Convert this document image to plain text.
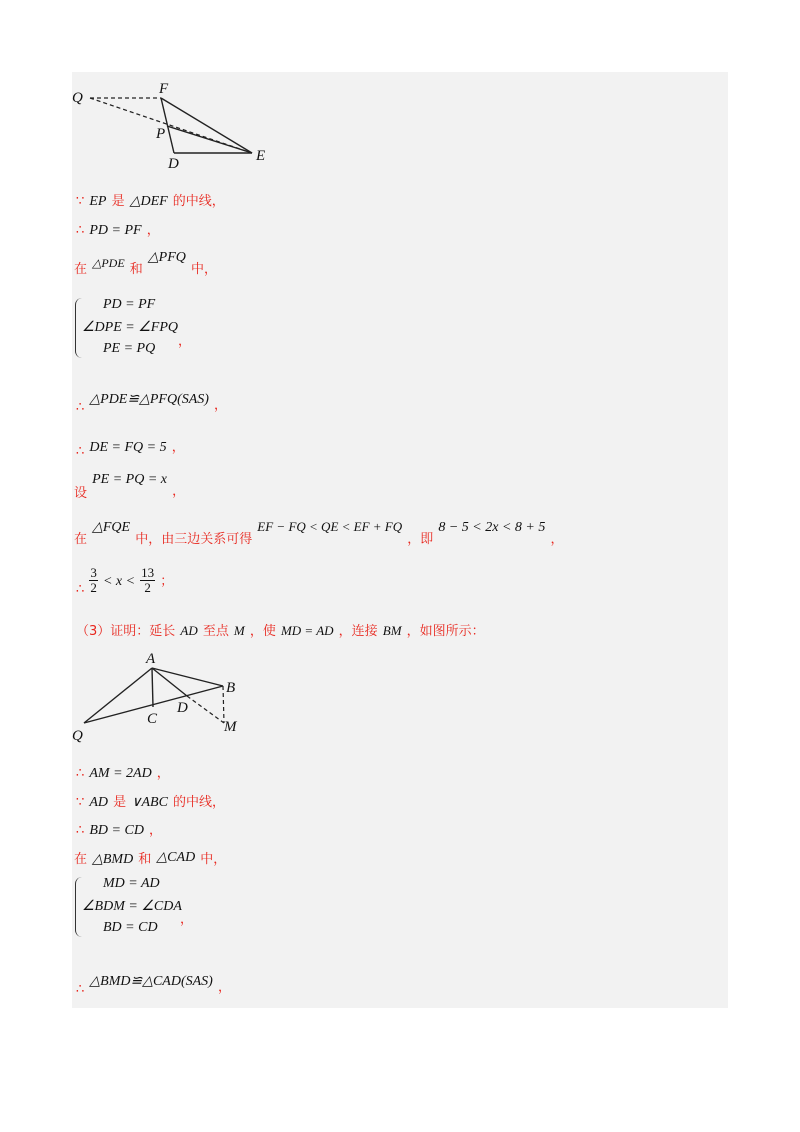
Q
F
P
D	E
∵ EP 是 △DEF 的中线，
∴ PD = PF ，
$_在$ △PDE $_和$ △PFQ $_{中,}$
PD = PF
∠DPE = ∠FPQ
PE = PQ ，
$_\therefore$ △PDE≌△PFQ(SAS) $_,$
$_\therefore$ DE = FQ = 5 ，
$_设$ PE = PQ = x $_,$
$_在$ △FQE $_{中,由三边关系可得}$ EF − FQ < QE < EF + FQ $_{,即}$ 8 − 5 < 2x < 8 + 5 $_,$
$_\therefore \frac{3}{2} < x < \frac{13}{2}$ ；
（3）证明：延长 AD 至点 M ，使 MD = AD ，连接 BM ，如图所示：
A
B
C
D
M
Q
∴ AM = 2AD ，
∵ AD 是 ∨ABC 的中线，
∴ BD = CD ，
在 △BMD 和 △CAD 中，
MD = AD
∠BDM = ∠CDA
BD = CD
，
$_\therefore$ △BMD≌△CAD(SAS) $_,$
